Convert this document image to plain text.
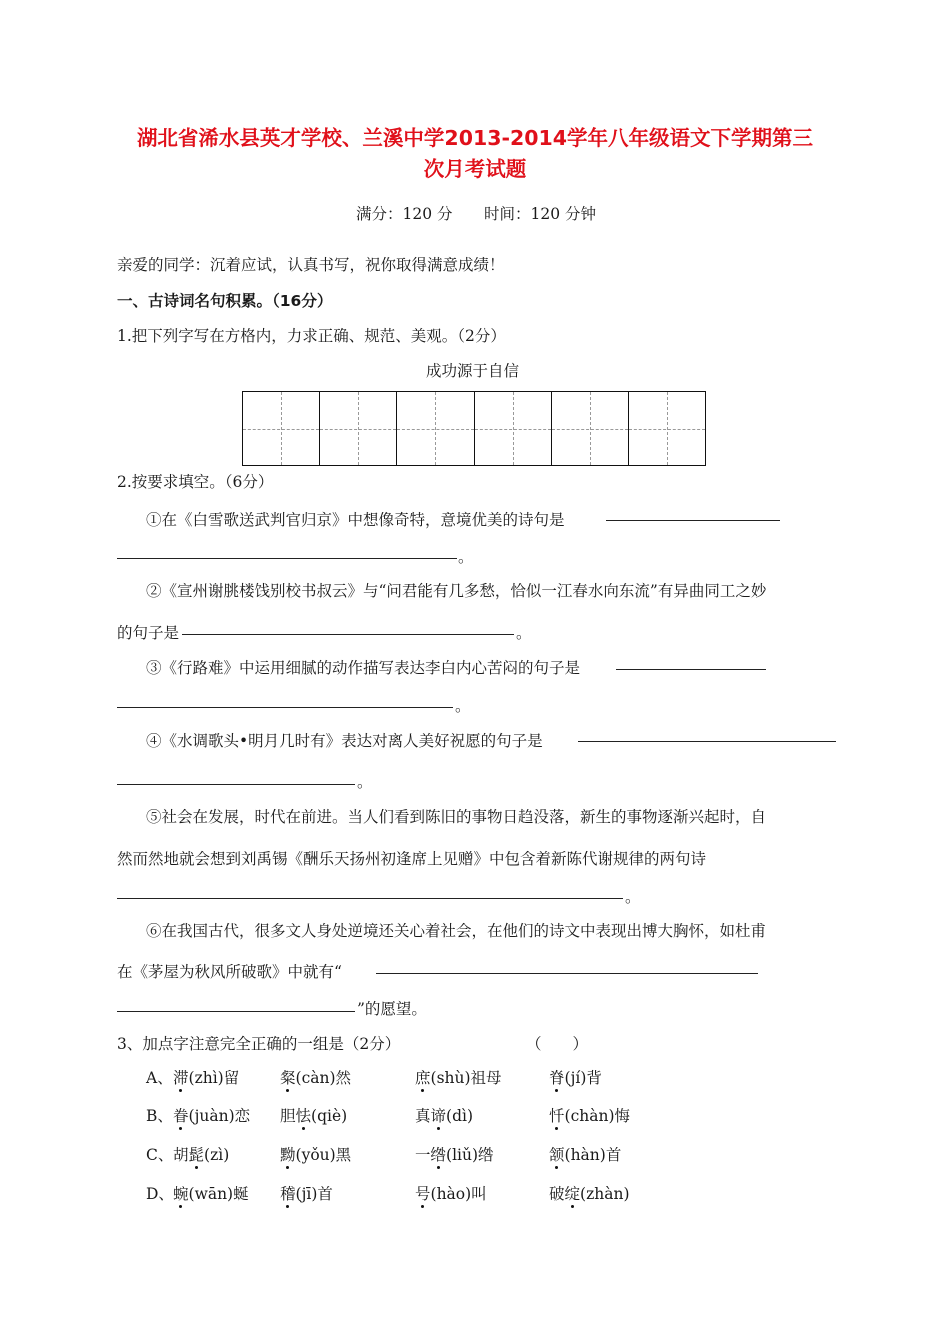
湖北省浠水县英才学校、兰溪中学2013-2014学年八年级语文下学期第三
次月考试题
满分：120 分 时间：120 分钟
亲爱的同学：沉着应试，认真书写，祝你取得满意成绩！
一、古诗词名句积累。（16分）
1.把下列字写在方格内，力求正确、规范、美观。（2分）
成功源于自信
2.按要求填空。（6分）
①在《白雪歌送武判官归京》中想像奇特，意境优美的诗句是
。
②《宣州谢朓楼饯别校书叔云》与“问君能有几多愁，恰似一江春水向东流”有异曲同工之妙
的句子是	。
③《行路难》中运用细腻的动作描写表达李白内心苦闷的句子是
。
④《水调歌头•明月几时有》表达对离人美好祝愿的句子是
。
⑤社会在发展，时代在前进。当人们看到陈旧的事物日趋没落，新生的事物逐渐兴起时，自
然而然地就会想到刘禹锡《酬乐天扬州初逢席上见赠》中包含着新陈代谢规律的两句诗
。
⑥在我国古代，很多文人身处逆境还关心着社会，在他们的诗文中表现出博大胸怀，如杜甫
在《茅屋为秋风所破歌》中就有“
”的愿望。
3、加点字注意完全正确的一组是（2分）	（　　）
A、 滞(zhì)留	粲(càn)然	庶(shù)祖母	脊(jí)背
B、 眷(juàn)恋 胆怯(qiè)	真谛(dì)	忏(chàn)悔
C、 胡髭(zì)	黝(yǒu)黑	一绺(liǔ)绺	颔(hàn)首
D、 蜿(wān)蜒 稽(jī)首	号(hào)叫	破绽(zhàn)
